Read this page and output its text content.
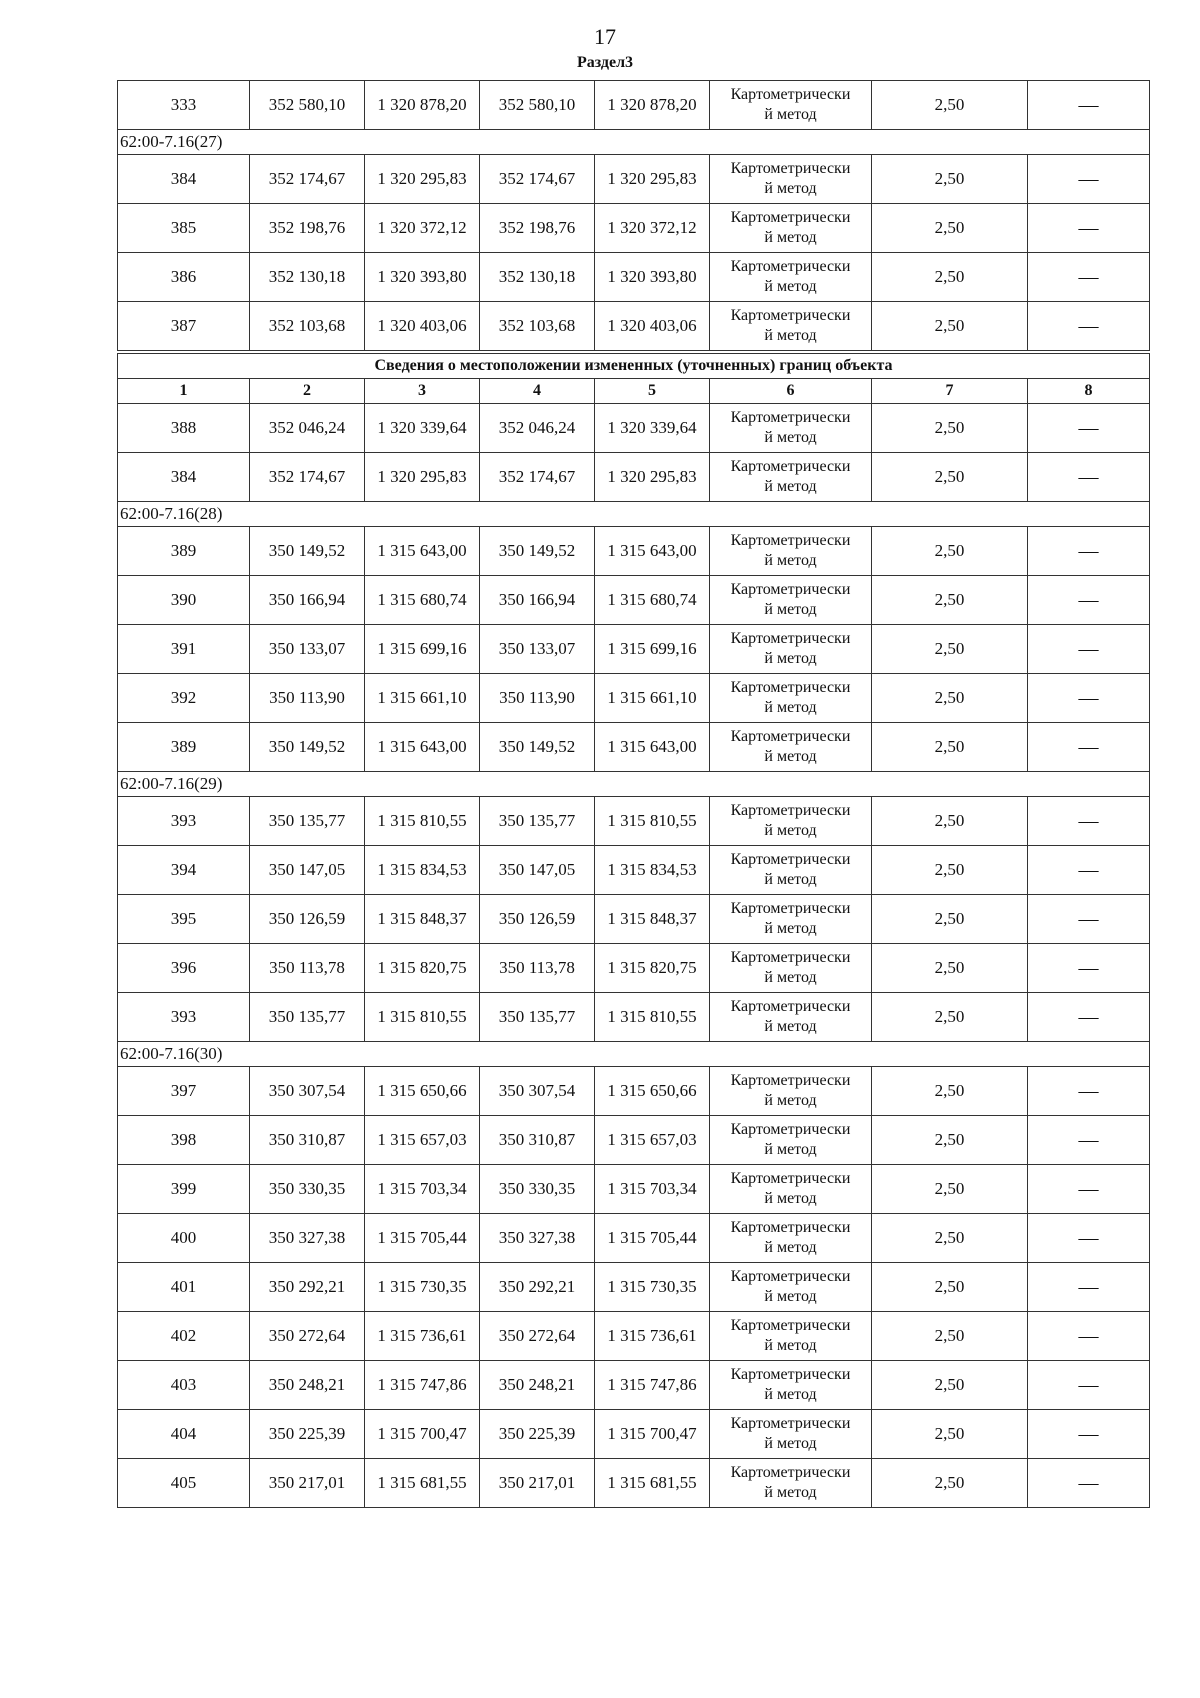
17
Раздел3
333	352 580,10	1 320 878,20	352 580,10	1 320 878,20	Картометрически
й метод	2,50	—
62:00-7.16(27)							
384	352 174,67	1 320 295,83	352 174,67	1 320 295,83	Картометрически
й метод	2,50	—
385	352 198,76	1 320 372,12	352 198,76	1 320 372,12	Картометрически
й метод	2,50	—
386	352 130,18	1 320 393,80	352 130,18	1 320 393,80	Картометрически
й метод	2,50	—
387	352 103,68	1 320 403,06	352 103,68	1 320 403,06	Картометрически
й метод	2,50	—
Сведения о местоположении измененных (уточненных) границ объекта							
1	2	3	4	5	6	7	8
388	352 046,24	1 320 339,64	352 046,24	1 320 339,64	Картометрически
й метод	2,50	—
384	352 174,67	1 320 295,83	352 174,67	1 320 295,83	Картометрически
й метод	2,50	—
62:00-7.16(28)							
389	350 149,52	1 315 643,00	350 149,52	1 315 643,00	Картометрически
й метод	2,50	—
390	350 166,94	1 315 680,74	350 166,94	1 315 680,74	Картометрически
й метод	2,50	—
391	350 133,07	1 315 699,16	350 133,07	1 315 699,16	Картометрически
й метод	2,50	—
392	350 113,90	1 315 661,10	350 113,90	1 315 661,10	Картометрически
й метод	2,50	—
389	350 149,52	1 315 643,00	350 149,52	1 315 643,00	Картометрически
й метод	2,50	—
62:00-7.16(29)							
393	350 135,77	1 315 810,55	350 135,77	1 315 810,55	Картометрически
й метод	2,50	—
394	350 147,05	1 315 834,53	350 147,05	1 315 834,53	Картометрически
й метод	2,50	—
395	350 126,59	1 315 848,37	350 126,59	1 315 848,37	Картометрически
й метод	2,50	—
396	350 113,78	1 315 820,75	350 113,78	1 315 820,75	Картометрически
й метод	2,50	—
393	350 135,77	1 315 810,55	350 135,77	1 315 810,55	Картометрически
й метод	2,50	—
62:00-7.16(30)							
397	350 307,54	1 315 650,66	350 307,54	1 315 650,66	Картометрически
й метод	2,50	—
398	350 310,87	1 315 657,03	350 310,87	1 315 657,03	Картометрически
й метод	2,50	—
399	350 330,35	1 315 703,34	350 330,35	1 315 703,34	Картометрически
й метод	2,50	—
400	350 327,38	1 315 705,44	350 327,38	1 315 705,44	Картометрически
й метод	2,50	—
401	350 292,21	1 315 730,35	350 292,21	1 315 730,35	Картометрически
й метод	2,50	—
402	350 272,64	1 315 736,61	350 272,64	1 315 736,61	Картометрически
й метод	2,50	—
403	350 248,21	1 315 747,86	350 248,21	1 315 747,86	Картометрически
й метод	2,50	—
404	350 225,39	1 315 700,47	350 225,39	1 315 700,47	Картометрически
й метод	2,50	—
405	350 217,01	1 315 681,55	350 217,01	1 315 681,55	Картометрически
й метод	2,50	—
